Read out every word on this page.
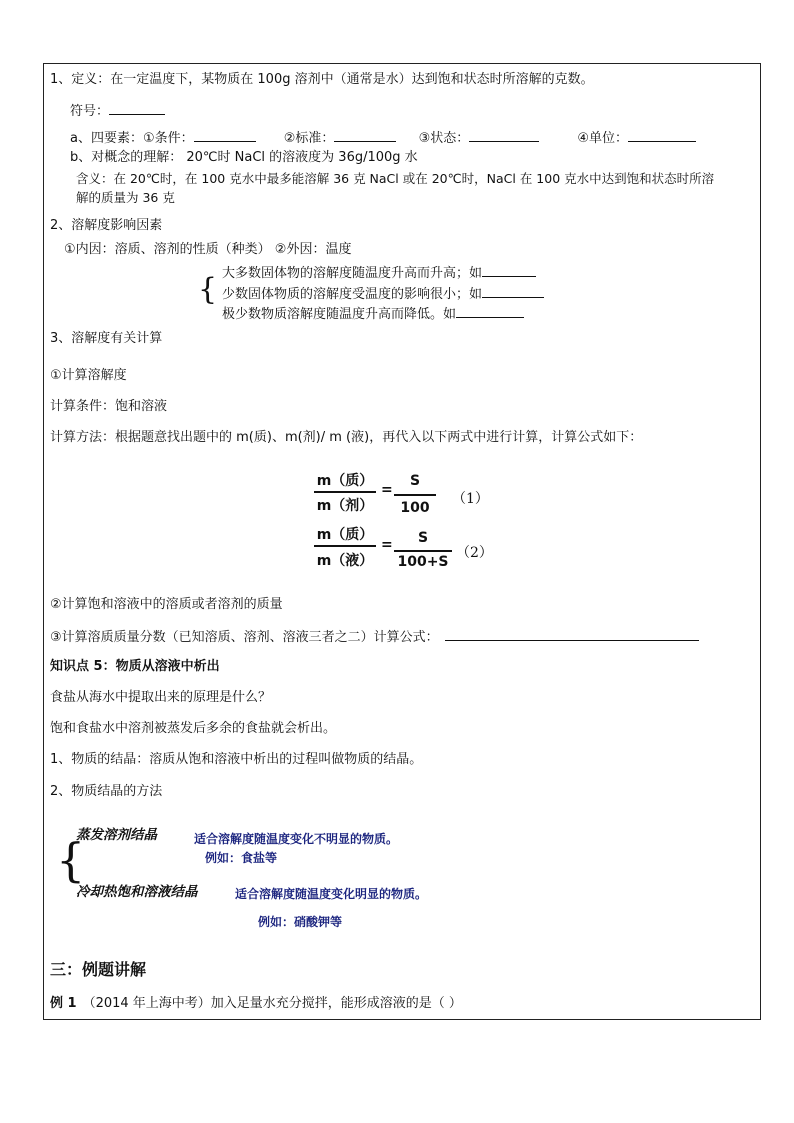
1、定义：在一定温度下，某物质在 100g 溶剂中（通常是水）达到饱和状态时所溶解的克数。
符号：
a、四要素：①条件：	②标准：	③状态：	④单位：
b、对概念的理解： 20℃时 NaCl 的溶液度为 36g/100g 水
含义：在 20℃时，在 100 克水中最多能溶解 36 克 NaCl 或在 20℃时，NaCl 在 100 克水中达到饱和状态时所溶
解的质量为 36 克
2、溶解度影响因素
①内因：溶质、溶剂的性质（种类） ②外因：温度
{ 大多数固体物的溶解度随温度升高而升高；如
少数固体物质的溶解度受温度的影响很小；如
极少数物质溶解度随温度升高而降低。如
3、溶解度有关计算
①计算溶解度
计算条件：饱和溶液
计算方法：根据题意找出题中的 m(质)、m(剂)/ m (液)，再代入以下两式中进行计算，计算公式如下：
m（质）
m（剂）
=
S
100
（1）
m（质）
m（液）
=	S
100+S
（2）
②计算饱和溶液中的溶质或者溶剂的质量
③计算溶质质量分数（已知溶质、溶剂、溶液三者之二）计算公式：
知识点 5：物质从溶液中析出
食盐从海水中提取出来的原理是什么？
饱和食盐水中溶剂被蒸发后多余的食盐就会析出。
1、物质的结晶：溶质从饱和溶液中析出的过程叫做物质的结晶。
2、物质结晶的方法
{
蒸发溶剂结晶	适合溶解度随温度变化不明显的物质。
例如：食盐等
冷却热饱和溶液结晶	适合溶解度随温度变化明显的物质。
例如：硝酸钾等
三：例题讲解
例 1 （2014 年上海中考）加入足量水充分搅拌，能形成溶液的是（ ）
